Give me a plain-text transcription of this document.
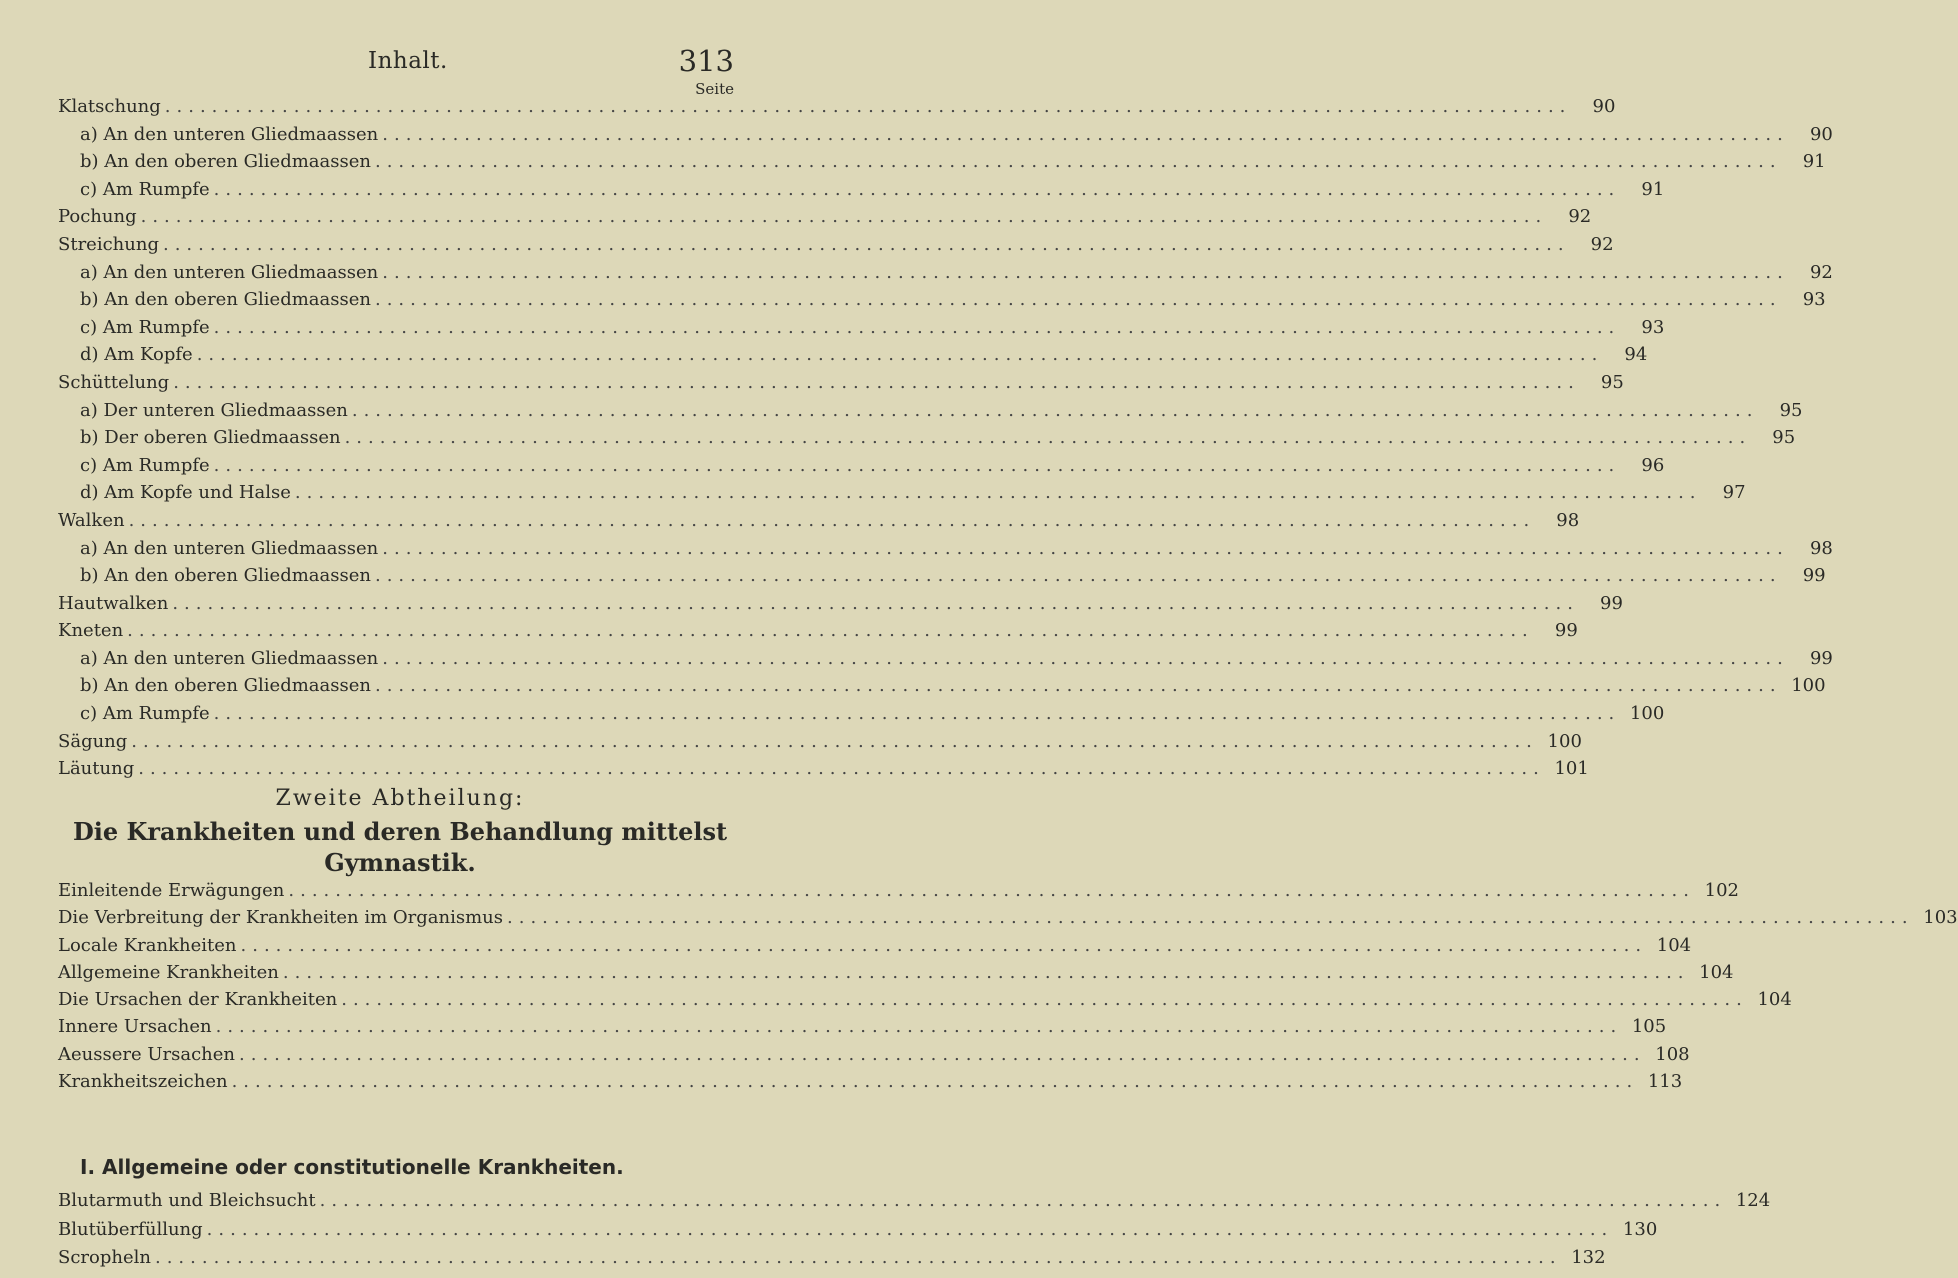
Inhalt.	313
Seite
Klatschung ........................................................................................................................	90
a) An den unteren Gliedmaassen ........................................................................................................................	90
b) An den oberen Gliedmaassen ........................................................................................................................	91
c) Am Rumpfe ........................................................................................................................	91
Pochung ........................................................................................................................	92
Streichung ........................................................................................................................	92
a) An den unteren Gliedmaassen ........................................................................................................................	92
b) An den oberen Gliedmaassen ........................................................................................................................	93
c) Am Rumpfe ........................................................................................................................	93
d) Am Kopfe ........................................................................................................................	94
Schüttelung ........................................................................................................................	95
a) Der unteren Gliedmaassen ........................................................................................................................	95
b) Der oberen Gliedmaassen ........................................................................................................................	95
c) Am Rumpfe ........................................................................................................................	96
d) Am Kopfe und Halse ........................................................................................................................	97
Walken ........................................................................................................................	98
a) An den unteren Gliedmaassen ........................................................................................................................	98
b) An den oberen Gliedmaassen ........................................................................................................................	99
Hautwalken ........................................................................................................................	99
Kneten ........................................................................................................................	99
a) An den unteren Gliedmaassen ........................................................................................................................	99
b) An den oberen Gliedmaassen ........................................................................................................................ 100
c) Am Rumpfe ........................................................................................................................ 100
Sägung ........................................................................................................................ 100
Läutung ........................................................................................................................ 101
Zweite Abtheilung:
Die Krankheiten und deren Behandlung mittelst
Gymnastik.
Einleitende Erwägungen ........................................................................................................................ 102
Die Verbreitung der Krankheiten im Organismus ........................................................................................................................ 103
Locale Krankheiten ........................................................................................................................ 104
Allgemeine Krankheiten ........................................................................................................................ 104
Die Ursachen der Krankheiten ........................................................................................................................ 104
Innere Ursachen ........................................................................................................................ 105
Aeussere Ursachen ........................................................................................................................ 108
Krankheitszeichen ........................................................................................................................ 113
I. Allgemeine oder constitutionelle Krankheiten.
Blutarmuth und Bleichsucht ........................................................................................................................ 124
Blutüberfüllung ........................................................................................................................ 130
Scropheln ........................................................................................................................ 132
